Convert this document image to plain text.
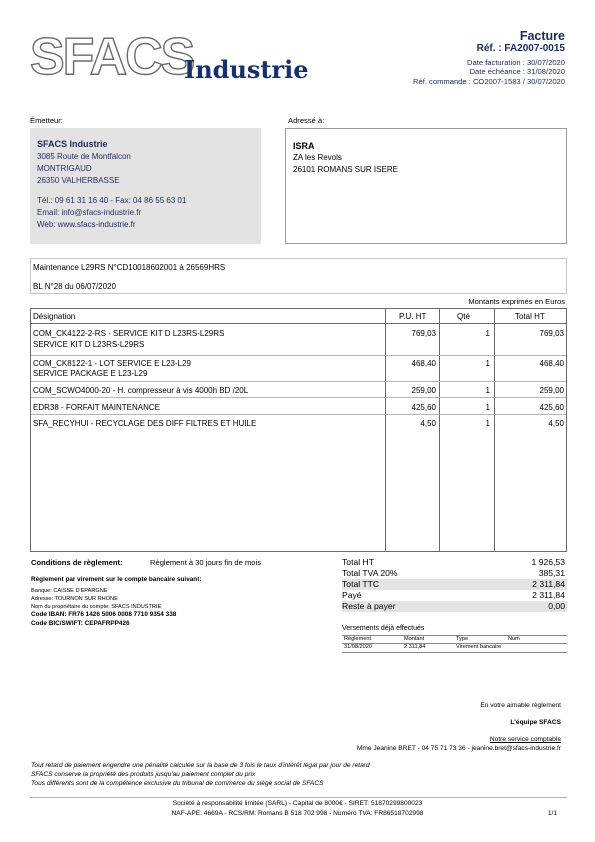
SFACS
Industrie
Facture
Réf. : FA2007-0015
Date facturation : 30/07/2020
Date échéance : 31/08/2020
Réf. commande : CO2007-1583 / 30/07/2020
Émetteur:
SFACS Industrie
3085 Route de Montfalcon
MONTRIGAUD
26350 VALHERBASSE
Tél.: 09 61 31 16 40 - Fax: 04 86 55 63 01
Email: info@sfacs-industrie.fr
Web: www.sfacs-industrie.fr
Adressé à:
ISRA
ZA les Revols
26101 ROMANS SUR ISERE
Maintenance L29RS N°CD10018602001 à 26569HRS
BL N°28 du 06/07/2020
Montants exprimés en Euros
Désignation	P.U. HT	Qté	Total HT
COM_CK4122-2-RS - SERVICE KIT D L23RS-L29RS
SERVICE KIT D L23RS-L29RS
769,03	1	769,03
COM_CK8122-1 - LOT SERVICE E L23-L29
SERVICE PACKAGE E L23-L29
468,40	1	468,40
COM_SCWO4000-20 - H. compresseur à vis 4000h BD /20L	259,00	1	259,00
EDR38 - FORFAIT MAINTENANCE	425,60	1	425,60
SFA_RECYHUI - RECYCLAGE DES DIFF FILTRES ET HUILE	4,50	1	4,50
Conditions de règlement:	Règlement à 30 jours fin de mois
Règlement par virement sur le compte bancaire suivant:
Banque: CAISSE D'EPARGNE
Adresse: TOURNON SUR RHONE
Nom du propriétaire du compte: SFACS INDUSTRIE
Code IBAN: FR76 1426 5006 0008 7710 9354 338
Code BIC/SWIFT: CEPAFRPP426
Total HT	1 926,53
Total TVA 20%	385,31
Total TTC	2 311,84
Payé	2 311,84
Reste à payer	0,00
Versements déjà effectués
Règlement	Montant	Type	Num
31/08/2020	2 311,84	Virement bancaire
En votre aimable règlement
L'équipe SFACS
Notre service comptable
Mme Jeanine BRET - 04 75 71 73 36 - jeanine.bret@sfacs-industrie.fr
Tout retard de paiement engendre une pénalité calculée sur la base de 3 fois le taux d'intérêt légal par jour de retard
SFACS conserve la propriété des produits jusqu'au paiement complet du prix
Tous différents sont de la compétence exclusive du tribunal de commerce du siège social de SFACS
Société à responsabilité limitée (SARL) - Capital de 8000€ - SIRET: 51870299800023
NAF-APE: 4669A - RCS/RM: Romans B 518 702 998 - Numéro TVA: FR86518702998	1/1
